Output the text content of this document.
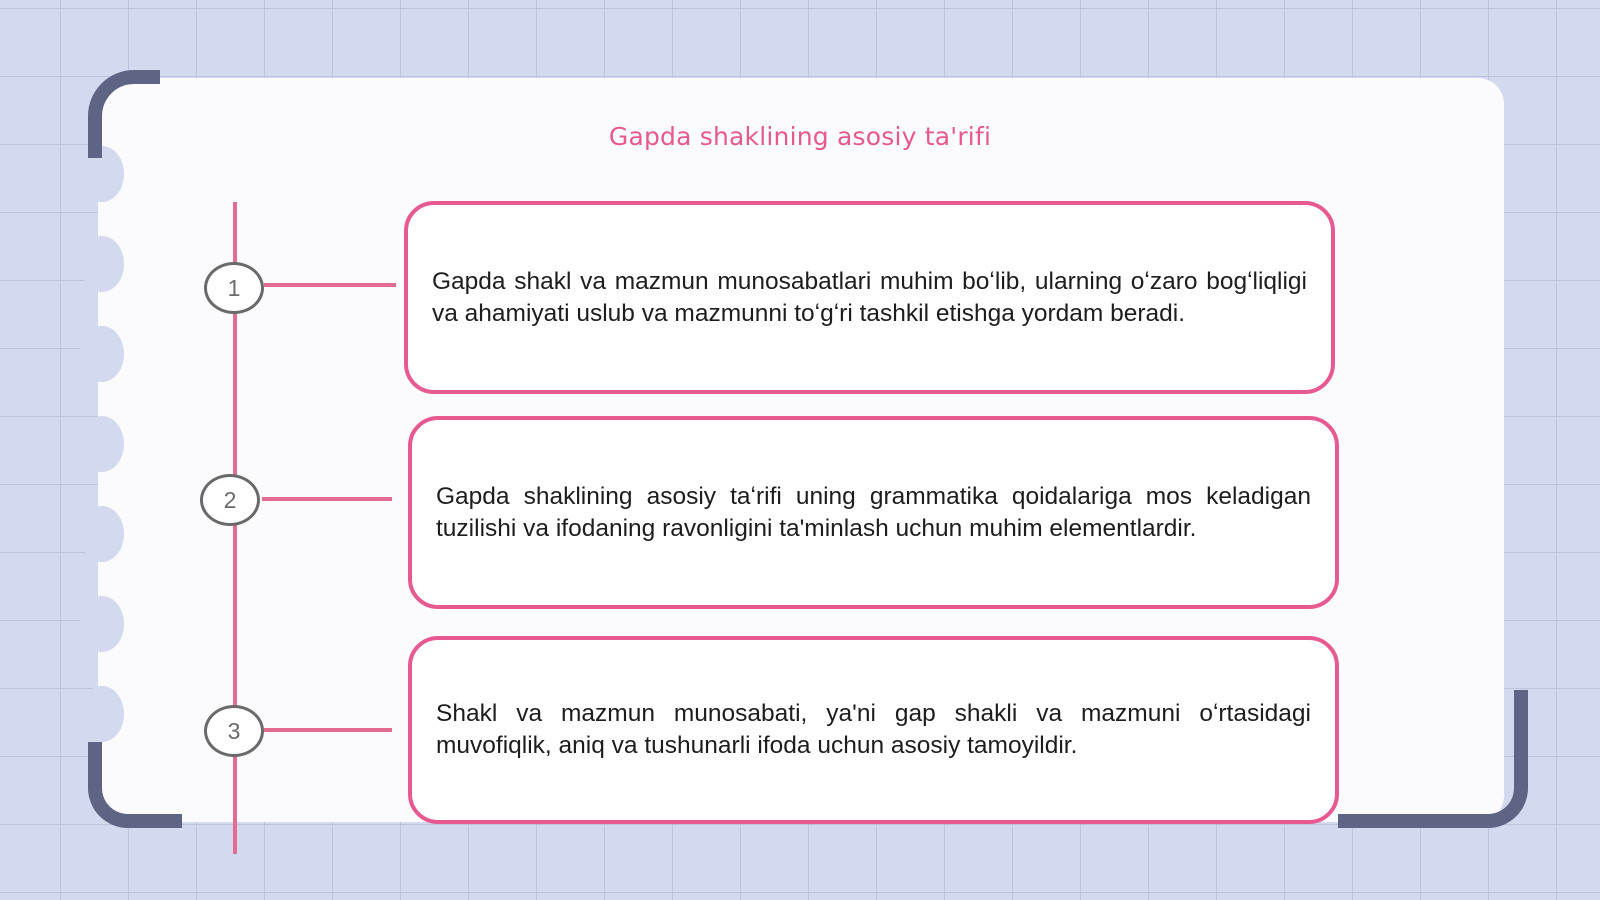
Gapda shaklining asosiy ta'rifi
1
2
3

Gapda shakl va mazmun munosabatlari muhim boʻlib, ularning oʻzaro bogʻliqligi va ahamiyati uslub va mazmunni toʻgʻri tashkil etishga yordam beradi.

Gapda shaklining asosiy taʻrifi uning grammatika qoidalariga mos keladigan tuzilishi va ifodaning ravonligini ta'minlash uchun muhim elementlardir.

Shakl va mazmun munosabati, ya'ni gap shakli va mazmuni oʻrtasidagi muvofiqlik, aniq va tushunarli ifoda uchun asosiy tamoyildir.
